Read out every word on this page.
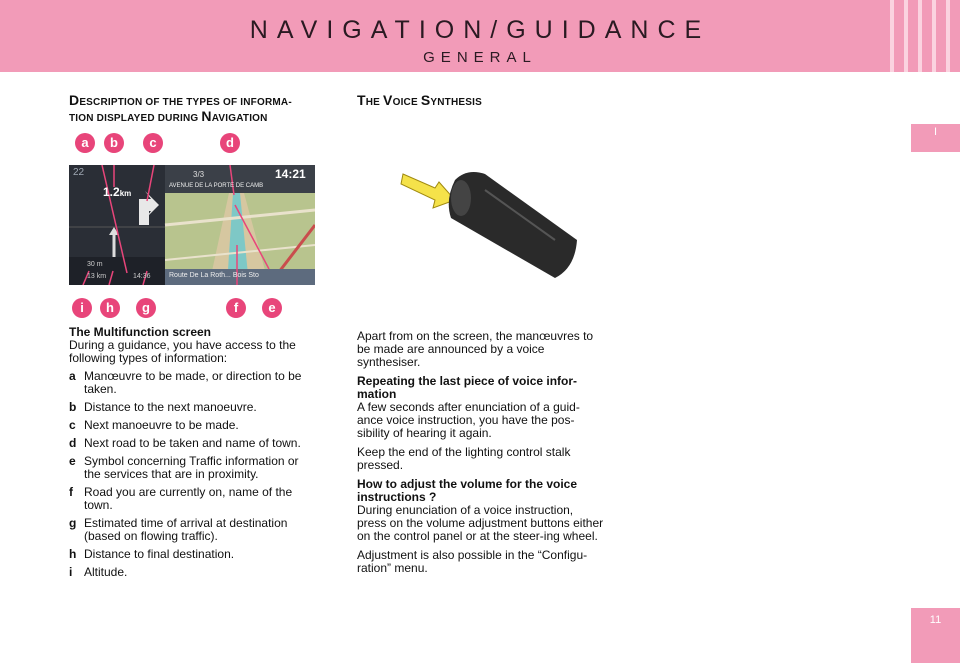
NAVIGATION/GUIDANCE
GENERAL
I
11
DESCRIPTION OF THE TYPES OF INFORMA-
TION DISPLAYED DURING NAVIGATION
a	b	c	d
22
1.2km
3/3	14:21
AVENUE DE LA PORTE DE CAMB
Route De La Roth... Bois Sto
30 m
13 km	14:36
i	h	g	f	e
The Multifunction screen
During a guidance, you have access to the following types of information:
a Manœuvre to be made, or direction to be taken.
b Distance to the next manoeuvre.
c Next manoeuvre to be made.
d Next road to be taken and name of town.
e Symbol concerning Traffic information or the services that are in proximity.
f Road you are currently on, name of the town.
g Estimated time of arrival at destination (based on flowing traffic).
h Distance to final destination.
i Altitude.
THE VOICE SYNTHESIS

Apart from on the screen, the manœuvres to be made are announced by a voice synthesiser.

Repeating the last piece of voice infor-mation
A few seconds after enunciation of a guid-ance voice instruction, you have the pos-sibility of hearing it again.

Keep the end of the lighting control stalk pressed.

How to adjust the volume for the voice instructions ?
During enunciation of a voice instruction, press on the volume adjustment buttons either on the control panel or at the steer-ing wheel.

Adjustment is also possible in the “Configu-ration” menu.
